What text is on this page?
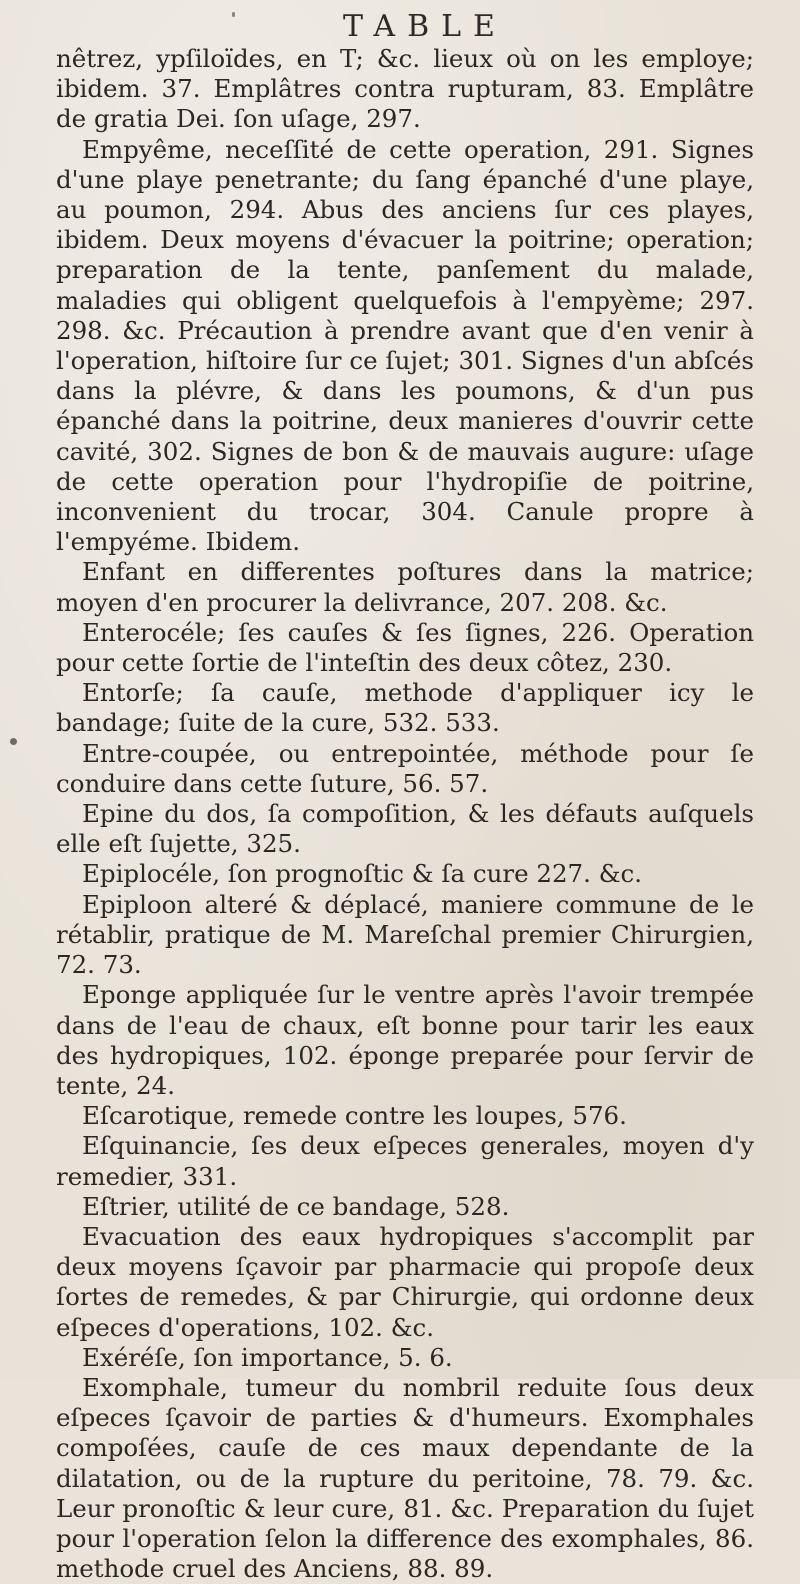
TABLE

nêtrez, ypſiloïdes, en T; &c. lieux où on les employe; ibidem. 37. Emplâtres contra rupturam, 83. Emplâtre de gratia Dei. ſon uſage, 297.

Empyême, neceſſité de cette operation, 291. Signes d'une playe penetrante; du ſang épanché d'une playe, au poumon, 294. Abus des anciens ſur ces playes, ibidem. Deux moyens d'évacuer la poitrine; operation; preparation de la tente, panſement du malade, maladies qui obligent quelquefois à l'empyème; 297. 298. &c. Précaution à prendre avant que d'en venir à l'operation, hiſtoire ſur ce ſujet; 301. Signes d'un abſcés dans la plévre, & dans les poumons, & d'un pus épanché dans la poitrine, deux manieres d'ouvrir cette cavité, 302. Signes de bon & de mauvais augure: uſage de cette operation pour l'hydropiſie de poitrine, inconvenient du trocar, 304. Canule propre à l'empyéme. Ibidem.

Enfant en differentes poſtures dans la matrice; moyen d'en procurer la delivrance, 207. 208. &c.

Enterocéle; ſes cauſes & ſes ſignes, 226. Operation pour cette ſortie de l'inteſtin des deux côtez, 230.

Entorſe; ſa cauſe, methode d'appliquer icy le bandage; ſuite de la cure, 532. 533.

Entre-coupée, ou entrepointée, méthode pour ſe conduire dans cette ſuture, 56. 57.

Epine du dos, ſa compoſition, & les défauts auſquels elle eſt ſujette, 325.

Epiplocéle, ſon prognoſtic & ſa cure 227. &c.

Epiploon alteré & déplacé, maniere commune de le rétablir, pratique de M. Mareſchal premier Chirurgien, 72. 73.

Eponge appliquée ſur le ventre après l'avoir trempée dans de l'eau de chaux, eſt bonne pour tarir les eaux des hydropiques, 102. éponge preparée pour ſervir de tente, 24.

Eſcarotique, remede contre les loupes, 576.

Eſquinancie, ſes deux eſpeces generales, moyen d'y remedier, 331.

Eſtrier, utilité de ce bandage, 528.

Evacuation des eaux hydropiques s'accomplit par deux moyens ſçavoir par pharmacie qui propoſe deux ſortes de remedes, & par Chirurgie, qui ordonne deux eſpeces d'operations, 102. &c.

Exéréſe, ſon importance, 5. 6.

Exomphale, tumeur du nombril reduite ſous deux eſpeces ſçavoir de parties & d'humeurs. Exomphales compoſées, cauſe de ces maux dependante de la dilatation, ou de la rupture du peritoine, 78. 79. &c. Leur pronoſtic & leur cure, 81. &c. Preparation du ſujet pour l'operation ſelon la difference des exomphales, 86. methode cruel des Anciens, 88. 89.
